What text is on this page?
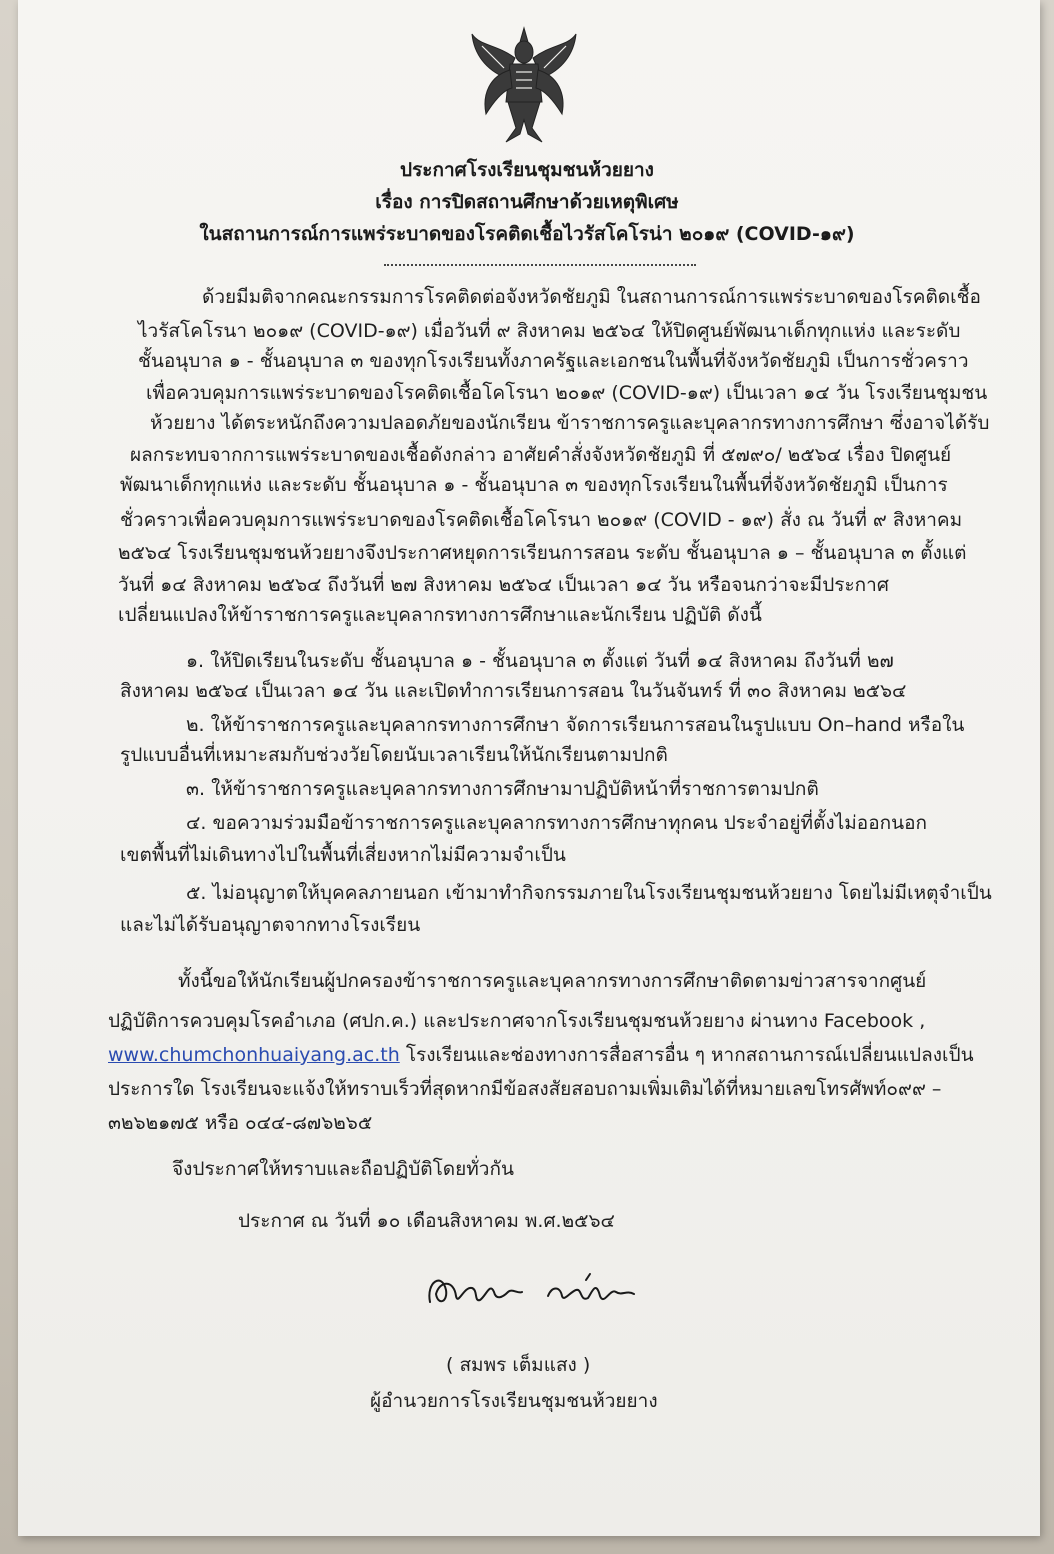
ประกาศโรงเรียนชุมชนห้วยยาง
เรื่อง การปิดสถานศึกษาด้วยเหตุพิเศษ
ในสถานการณ์การแพร่ระบาดของโรคติดเชื้อไวรัสโคโรน่า ๒๐๑๙ (COVID-๑๙)
ด้วยมีมติจากคณะกรรมการโรคติดต่อจังหวัดชัยภูมิ ในสถานการณ์การแพร่ระบาดของโรคติดเชื้อ
ไวรัสโคโรนา ๒๐๑๙ (COVID-๑๙) เมื่อวันที่ ๙ สิงหาคม ๒๕๖๔ ให้ปิดศูนย์พัฒนาเด็กทุกแห่ง และระดับ
ชั้นอนุบาล ๑ - ชั้นอนุบาล ๓ ของทุกโรงเรียนทั้งภาครัฐและเอกชนในพื้นที่จังหวัดชัยภูมิ เป็นการชั่วคราว
เพื่อควบคุมการแพร่ระบาดของโรคติดเชื้อโคโรนา ๒๐๑๙ (COVID-๑๙) เป็นเวลา ๑๔ วัน โรงเรียนชุมชน
ห้วยยาง ได้ตระหนักถึงความปลอดภัยของนักเรียน ข้าราชการครูและบุคลากรทางการศึกษา ซึ่งอาจได้รับ
ผลกระทบจากการแพร่ระบาดของเชื้อดังกล่าว อาศัยคำสั่งจังหวัดชัยภูมิ ที่ ๕๗๙๐/ ๒๕๖๔ เรื่อง ปิดศูนย์
พัฒนาเด็กทุกแห่ง และระดับ ชั้นอนุบาล ๑ - ชั้นอนุบาล ๓ ของทุกโรงเรียนในพื้นที่จังหวัดชัยภูมิ เป็นการ
ชั่วคราวเพื่อควบคุมการแพร่ระบาดของโรคติดเชื้อโคโรนา ๒๐๑๙ (COVID - ๑๙) สั่ง ณ วันที่ ๙ สิงหาคม
๒๕๖๔ โรงเรียนชุมชนห้วยยางจึงประกาศหยุดการเรียนการสอน ระดับ ชั้นอนุบาล ๑ – ชั้นอนุบาล ๓ ตั้งแต่
วันที่ ๑๔ สิงหาคม ๒๕๖๔ ถึงวันที่ ๒๗ สิงหาคม ๒๕๖๔ เป็นเวลา ๑๔ วัน หรือจนกว่าจะมีประกาศ
เปลี่ยนแปลงให้ข้าราชการครูและบุคลากรทางการศึกษาและนักเรียน ปฏิบัติ ดังนี้
๑. ให้ปิดเรียนในระดับ ชั้นอนุบาล ๑ - ชั้นอนุบาล ๓ ตั้งแต่ วันที่ ๑๔ สิงหาคม ถึงวันที่ ๒๗
สิงหาคม ๒๕๖๔ เป็นเวลา ๑๔ วัน และเปิดทำการเรียนการสอน ในวันจันทร์ ที่ ๓๐ สิงหาคม ๒๕๖๔
๒. ให้ข้าราชการครูและบุคลากรทางการศึกษา จัดการเรียนการสอนในรูปแบบ On–hand หรือใน
รูปแบบอื่นที่เหมาะสมกับช่วงวัยโดยนับเวลาเรียนให้นักเรียนตามปกติ
๓. ให้ข้าราชการครูและบุคลากรทางการศึกษามาปฏิบัติหน้าที่ราชการตามปกติ
๔. ขอความร่วมมือข้าราชการครูและบุคลากรทางการศึกษาทุกคน ประจำอยู่ที่ตั้งไม่ออกนอก
เขตพื้นที่ไม่เดินทางไปในพื้นที่เสี่ยงหากไม่มีความจำเป็น
๕. ไม่อนุญาตให้บุคคลภายนอก เข้ามาทำกิจกรรมภายในโรงเรียนชุมชนห้วยยาง โดยไม่มีเหตุจำเป็น
และไม่ได้รับอนุญาตจากทางโรงเรียน
ทั้งนี้ขอให้นักเรียนผู้ปกครองข้าราชการครูและบุคลากรทางการศึกษาติดตามข่าวสารจากศูนย์
ปฏิบัติการควบคุมโรคอำเภอ (ศปก.ค.) และประกาศจากโรงเรียนชุมชนห้วยยาง ผ่านทาง Facebook ,
www.chumchonhuaiyang.ac.th โรงเรียนและช่องทางการสื่อสารอื่น ๆ หากสถานการณ์เปลี่ยนแปลงเป็น
ประการใด โรงเรียนจะแจ้งให้ทราบเร็วที่สุดหากมีข้อสงสัยสอบถามเพิ่มเติมได้ที่หมายเลขโทรศัพท์๐๙๙ –
๓๒๖๒๑๗๕ หรือ ๐๔๔-๘๗๖๒๖๕
จึงประกาศให้ทราบและถือปฏิบัติโดยทั่วกัน
ประกาศ ณ วันที่ ๑๐ เดือนสิงหาคม พ.ศ.๒๕๖๔
( สมพร เต็มแสง )
ผู้อำนวยการโรงเรียนชุมชนห้วยยาง
